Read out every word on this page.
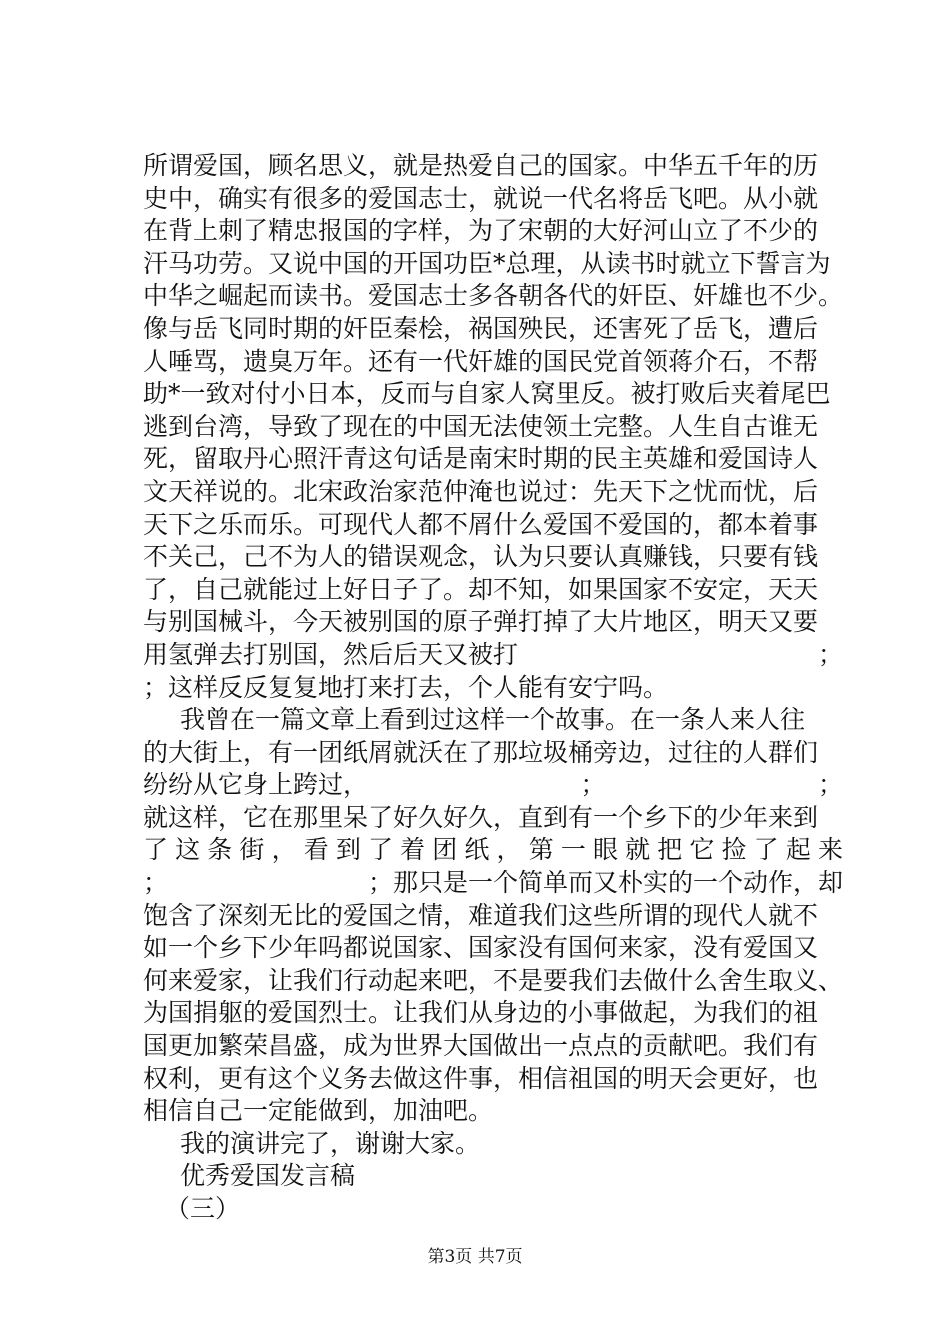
所谓爱国，顾名思义，就是热爱自己的国家。中华五千年的历
史中，确实有很多的爱国志士，就说一代名将岳飞吧。从小就
在背上刺了精忠报国的字样，为了宋朝的大好河山立了不少的
汗马功劳。又说中国的开国功臣*总理，从读书时就立下誓言为
中华之崛起而读书。爱国志士多各朝各代的奸臣、奸雄也不少。
像与岳飞同时期的奸臣秦桧，祸国殃民，还害死了岳飞，遭后
人唾骂，遗臭万年。还有一代奸雄的国民党首领蒋介石，不帮
助*一致对付小日本，反而与自家人窝里反。被打败后夹着尾巴
逃到台湾，导致了现在的中国无法使领土完整。人生自古谁无
死，留取丹心照汗青这句话是南宋时期的民主英雄和爱国诗人
文天祥说的。北宋政治家范仲淹也说过：先天下之忧而忧，后
天下之乐而乐。可现代人都不屑什么爱国不爱国的，都本着事
不关己，己不为人的错误观念，认为只要认真赚钱，只要有钱
了，自己就能过上好日子了。却不知，如果国家不安定，天天
与别国械斗，今天被别国的原子弹打掉了大片地区，明天又要
用氢弹去打别国，然后后天又被打	；
；这样反反复复地打来打去，个人能有安宁吗。
我曾在一篇文章上看到过这样一个故事。在一条人来人往
的大街上，有一团纸屑就沃在了那垃圾桶旁边，过往的人群们
纷纷从它身上跨过，	；	；
就这样，它在那里呆了好久好久，直到有一个乡下的少年来到
了 这 条 街 ， 看 到 了 着 团 纸 ， 第 一 眼 就 把 它 捡 了 起 来
；	；那只是一个简单而又朴实的一个动作，却
饱含了深刻无比的爱国之情，难道我们这些所谓的现代人就不
如一个乡下少年吗都说国家、国家没有国何来家，没有爱国又
何来爱家，让我们行动起来吧，不是要我们去做什么舍生取义、
为国捐躯的爱国烈士。让我们从身边的小事做起，为我们的祖
国更加繁荣昌盛，成为世界大国做出一点点的贡献吧。我们有
权利，更有这个义务去做这件事，相信祖国的明天会更好，也
相信自己一定能做到，加油吧。
我的演讲完了，谢谢大家。
优秀爱国发言稿
（三）
第3页 共7页
